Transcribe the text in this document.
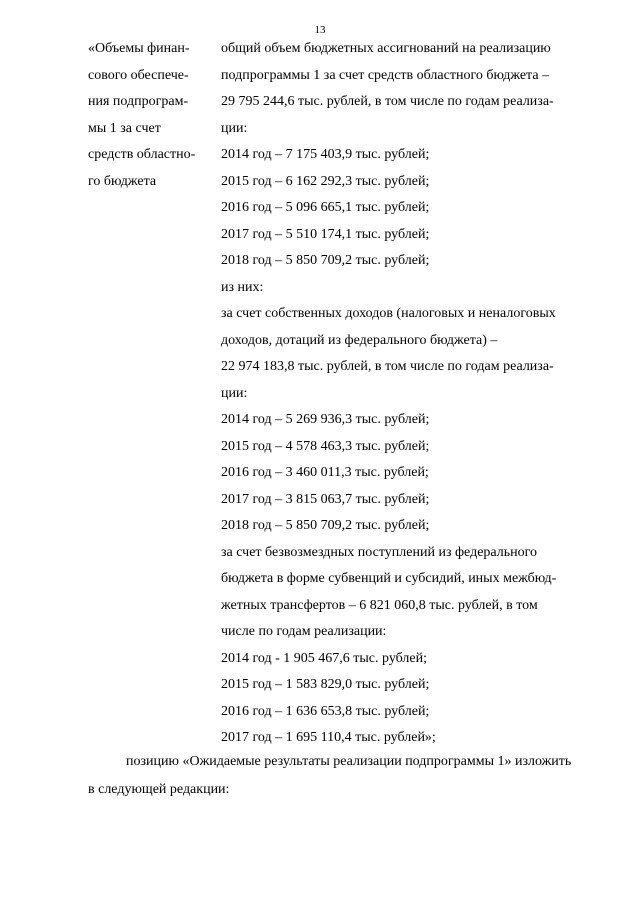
13
«Объемы финан-
сового обеспече-
ния подпрограм-
мы 1 за счет
средств областно-
го бюджета
общий объем бюджетных ассигнований на реализацию
подпрограммы 1 за счет средств областного бюджета –
29 795 244,6 тыс. рублей, в том числе по годам реализа-
ции:
2014 год – 7 175 403,9 тыс. рублей;
2015 год – 6 162 292,3 тыс. рублей;
2016 год – 5 096 665,1 тыс. рублей;
2017 год – 5 510 174,1 тыс. рублей;
2018 год – 5 850 709,2 тыс. рублей;
из них:
за счет собственных доходов (налоговых и неналоговых
доходов, дотаций из федерального бюджета) –
22 974 183,8 тыс. рублей, в том числе по годам реализа-
ции:
2014 год – 5 269 936,3 тыс. рублей;
2015 год – 4 578 463,3 тыс. рублей;
2016 год – 3 460 011,3 тыс. рублей;
2017 год – 3 815 063,7 тыс. рублей;
2018 год – 5 850 709,2 тыс. рублей;
за счет безвозмездных поступлений из федерального
бюджета в форме субвенций и субсидий, иных межбюд-
жетных трансфертов – 6 821 060,8 тыс. рублей, в том
числе по годам реализации:
2014 год - 1 905 467,6 тыс. рублей;
2015 год – 1 583 829,0 тыс. рублей;
2016 год – 1 636 653,8 тыс. рублей;
2017 год – 1 695 110,4 тыс. рублей»;
позицию «Ожидаемые результаты реализации подпрограммы 1» изложить
в следующей редакции:
